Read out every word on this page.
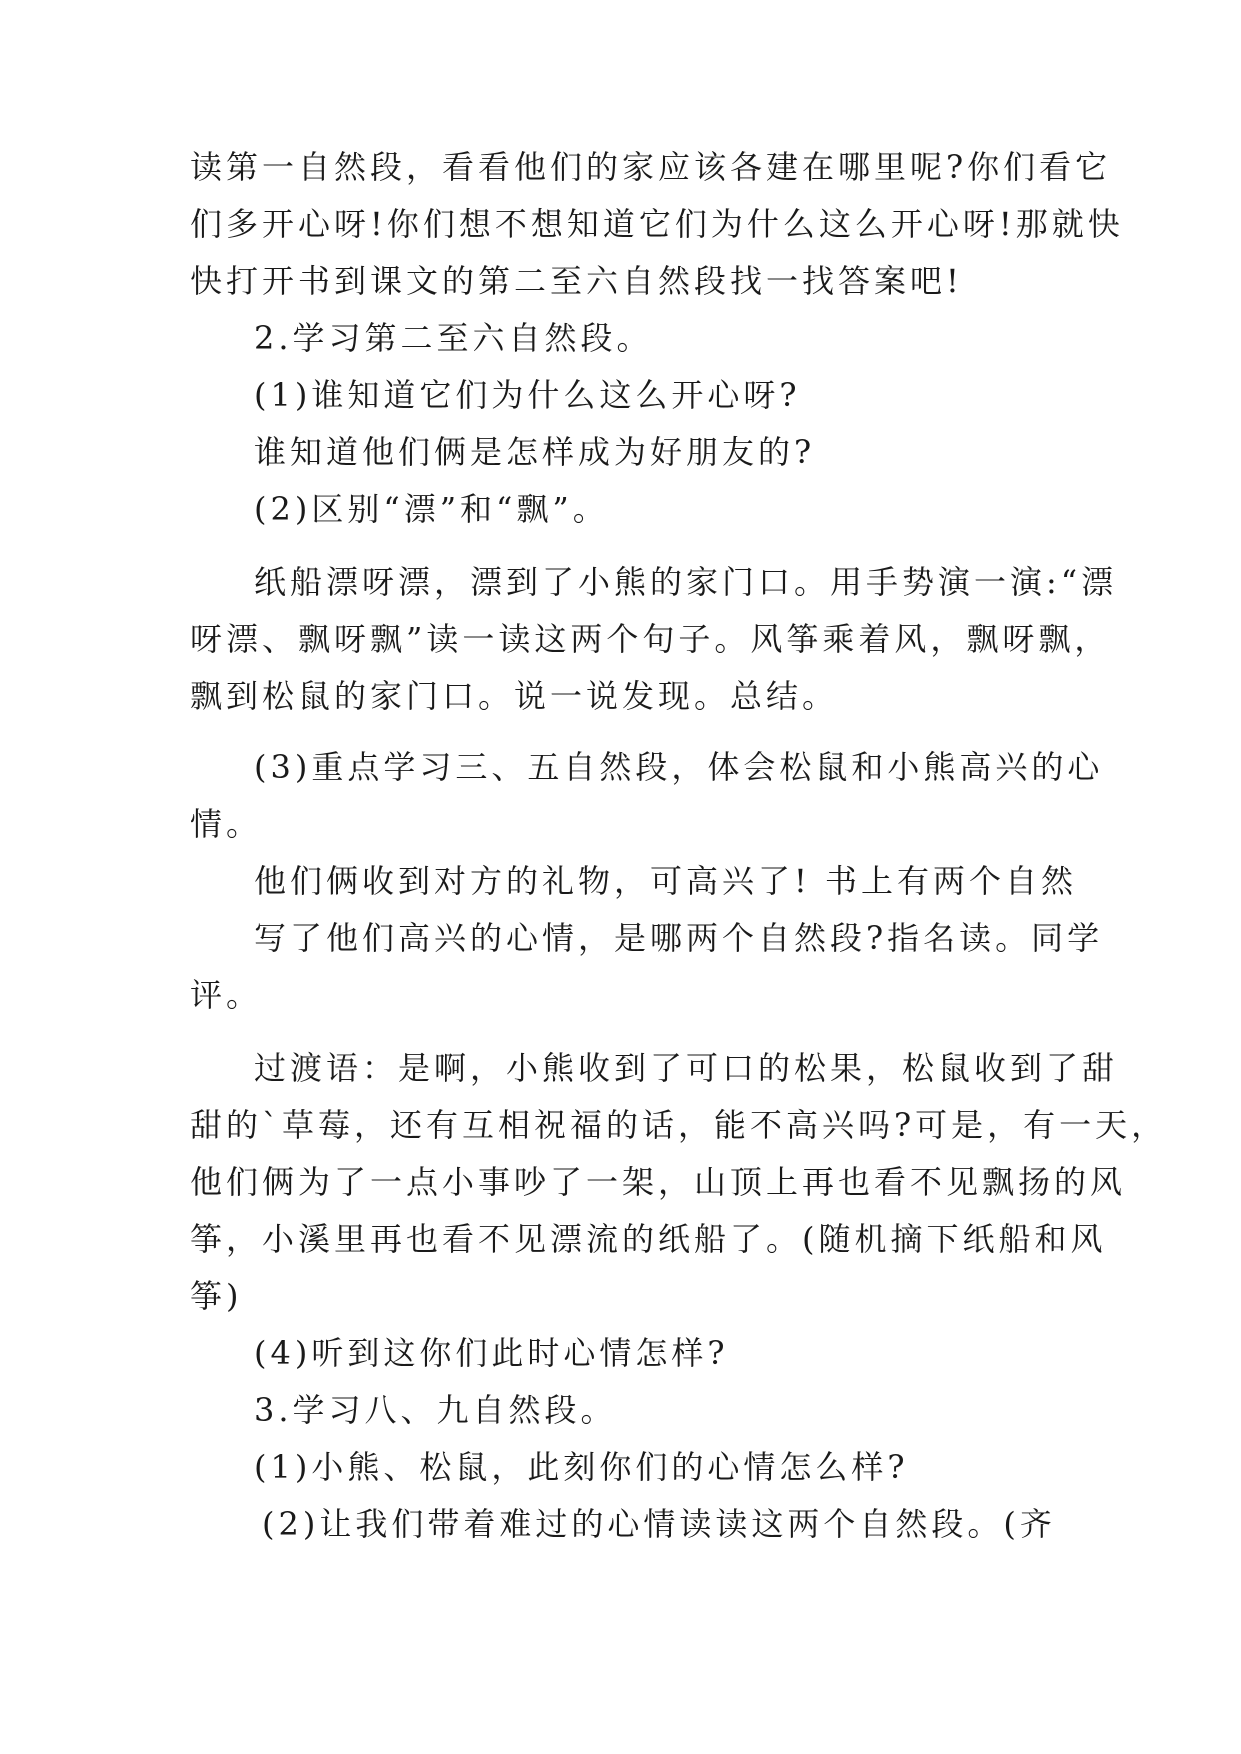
读第一自然段，看看他们的家应该各建在哪里呢?你们看它
们多开心呀!你们想不想知道它们为什么这么开心呀!那就快
快打开书到课文的第二至六自然段找一找答案吧!
2.学习第二至六自然段。
(1)谁知道它们为什么这么开心呀?
谁知道他们俩是怎样成为好朋友的?
(2)区别“漂”和“飘”。
纸船漂呀漂，漂到了小熊的家门口。用手势演一演:“漂
呀漂、飘呀飘”读一读这两个句子。风筝乘着风，飘呀飘，
飘到松鼠的家门口。说一说发现。总结。
(3)重点学习三、五自然段，体会松鼠和小熊高兴的心
情。
他们俩收到对方的礼物，可高兴了! 书上有两个自然
写了他们高兴的心情，是哪两个自然段?指名读。同学
评。
过渡语：是啊，小熊收到了可口的松果，松鼠收到了甜
甜的`草莓，还有互相祝福的话，能不高兴吗?可是，有一天，
他们俩为了一点小事吵了一架，山顶上再也看不见飘扬的风
筝，小溪里再也看不见漂流的纸船了。(随机摘下纸船和风
筝)
(4)听到这你们此时心情怎样?
3.学习八、九自然段。
(1)小熊、松鼠，此刻你们的心情怎么样?
(2)让我们带着难过的心情读读这两个自然段。(齐
